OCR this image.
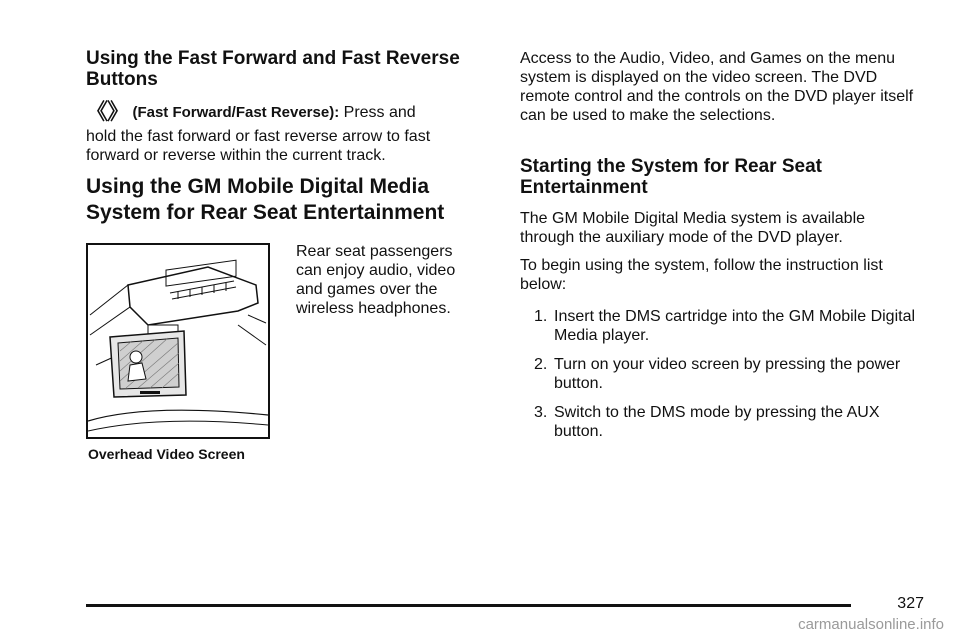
Using the Fast Forward and Fast Reverse Buttons
《》 (Fast Forward/Fast Reverse): Press and

hold the fast forward or fast reverse arrow to fast forward or reverse within the current track.

Using the GM Mobile Digital Media System for Rear Seat Entertainment
Overhead Video Screen

Rear seat passengers can enjoy audio, video and games over the wireless headphones.

Access to the Audio, Video, and Games on the menu system is displayed on the video screen. The DVD remote control and the controls on the DVD player itself can be used to make the selections.

Starting the System for Rear Seat Entertainment

The GM Mobile Digital Media system is available through the auxiliary mode of the DVD player.

To begin using the system, follow the instruction list below:

1. Insert the DMS cartridge into the GM Mobile Digital Media player.
2. Turn on your video screen by pressing the power button.
3. Switch to the DMS mode by pressing the AUX button.
327
carmanualsonline.info
